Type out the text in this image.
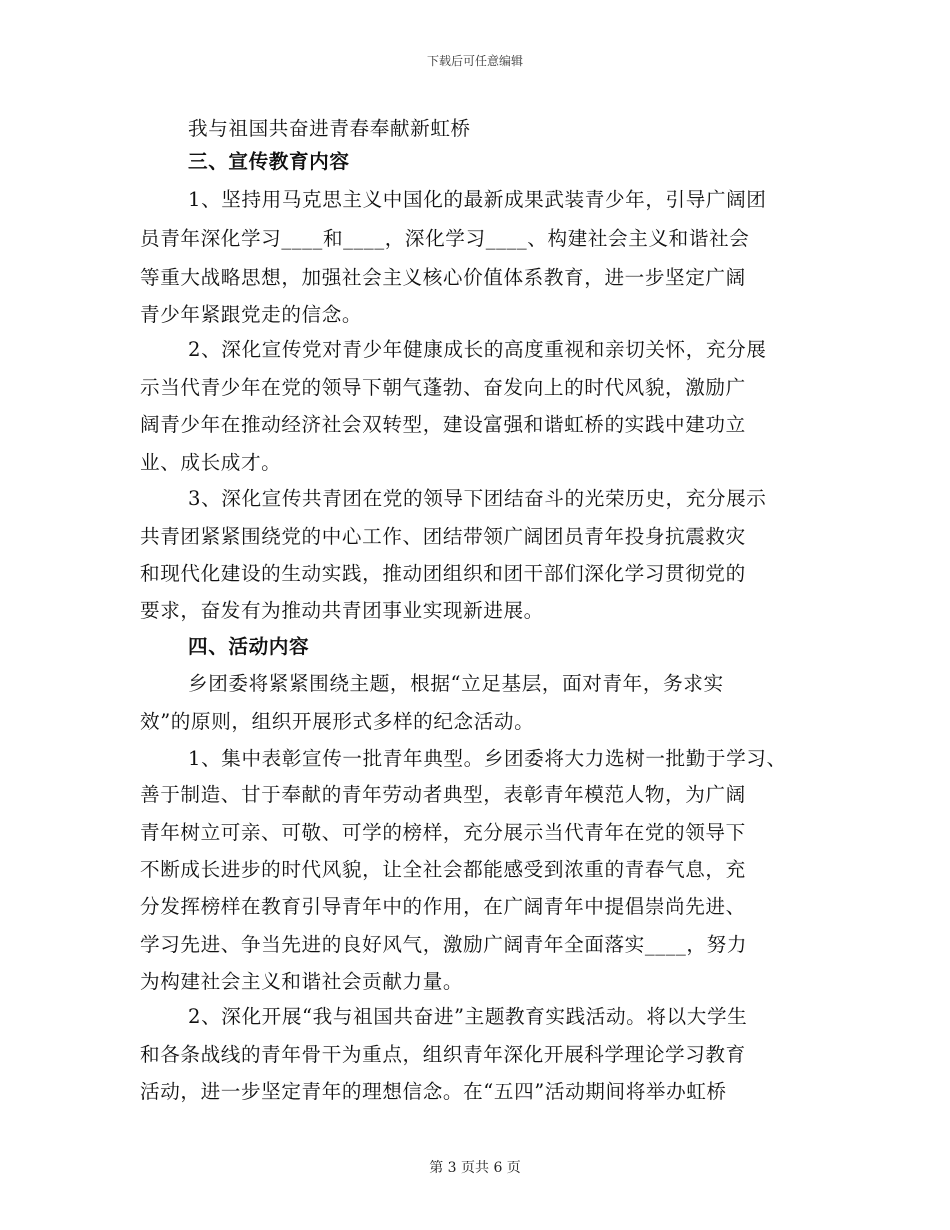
下载后可任意编辑
我与祖国共奋进青春奉献新虹桥
三、宣传教育内容
1、坚持用马克思主义中国化的最新成果武装青少年，引导广阔团
员青年深化学习____和____，深化学习____、构建社会主义和谐社会
等重大战略思想，加强社会主义核心价值体系教育，进一步坚定广阔
青少年紧跟党走的信念。
2、深化宣传党对青少年健康成长的高度重视和亲切关怀，充分展
示当代青少年在党的领导下朝气蓬勃、奋发向上的时代风貌，激励广
阔青少年在推动经济社会双转型，建设富强和谐虹桥的实践中建功立
业、成长成才。
3、深化宣传共青团在党的领导下团结奋斗的光荣历史，充分展示
共青团紧紧围绕党的中心工作、团结带领广阔团员青年投身抗震救灾
和现代化建设的生动实践，推动团组织和团干部们深化学习贯彻党的
要求，奋发有为推动共青团事业实现新进展。
四、活动内容
乡团委将紧紧围绕主题，根据“立足基层，面对青年，务求实
效”的原则，组织开展形式多样的纪念活动。
1、集中表彰宣传一批青年典型。乡团委将大力选树一批勤于学习、
善于制造、甘于奉献的青年劳动者典型，表彰青年模范人物，为广阔
青年树立可亲、可敬、可学的榜样，充分展示当代青年在党的领导下
不断成长进步的时代风貌，让全社会都能感受到浓重的青春气息，充
分发挥榜样在教育引导青年中的作用，在广阔青年中提倡崇尚先进、
学习先进、争当先进的良好风气，激励广阔青年全面落实____，努力
为构建社会主义和谐社会贡献力量。
2、深化开展“我与祖国共奋进”主题教育实践活动。将以大学生
和各条战线的青年骨干为重点，组织青年深化开展科学理论学习教育
活动，进一步坚定青年的理想信念。在“五四”活动期间将举办虹桥
第 3 页共 6 页
